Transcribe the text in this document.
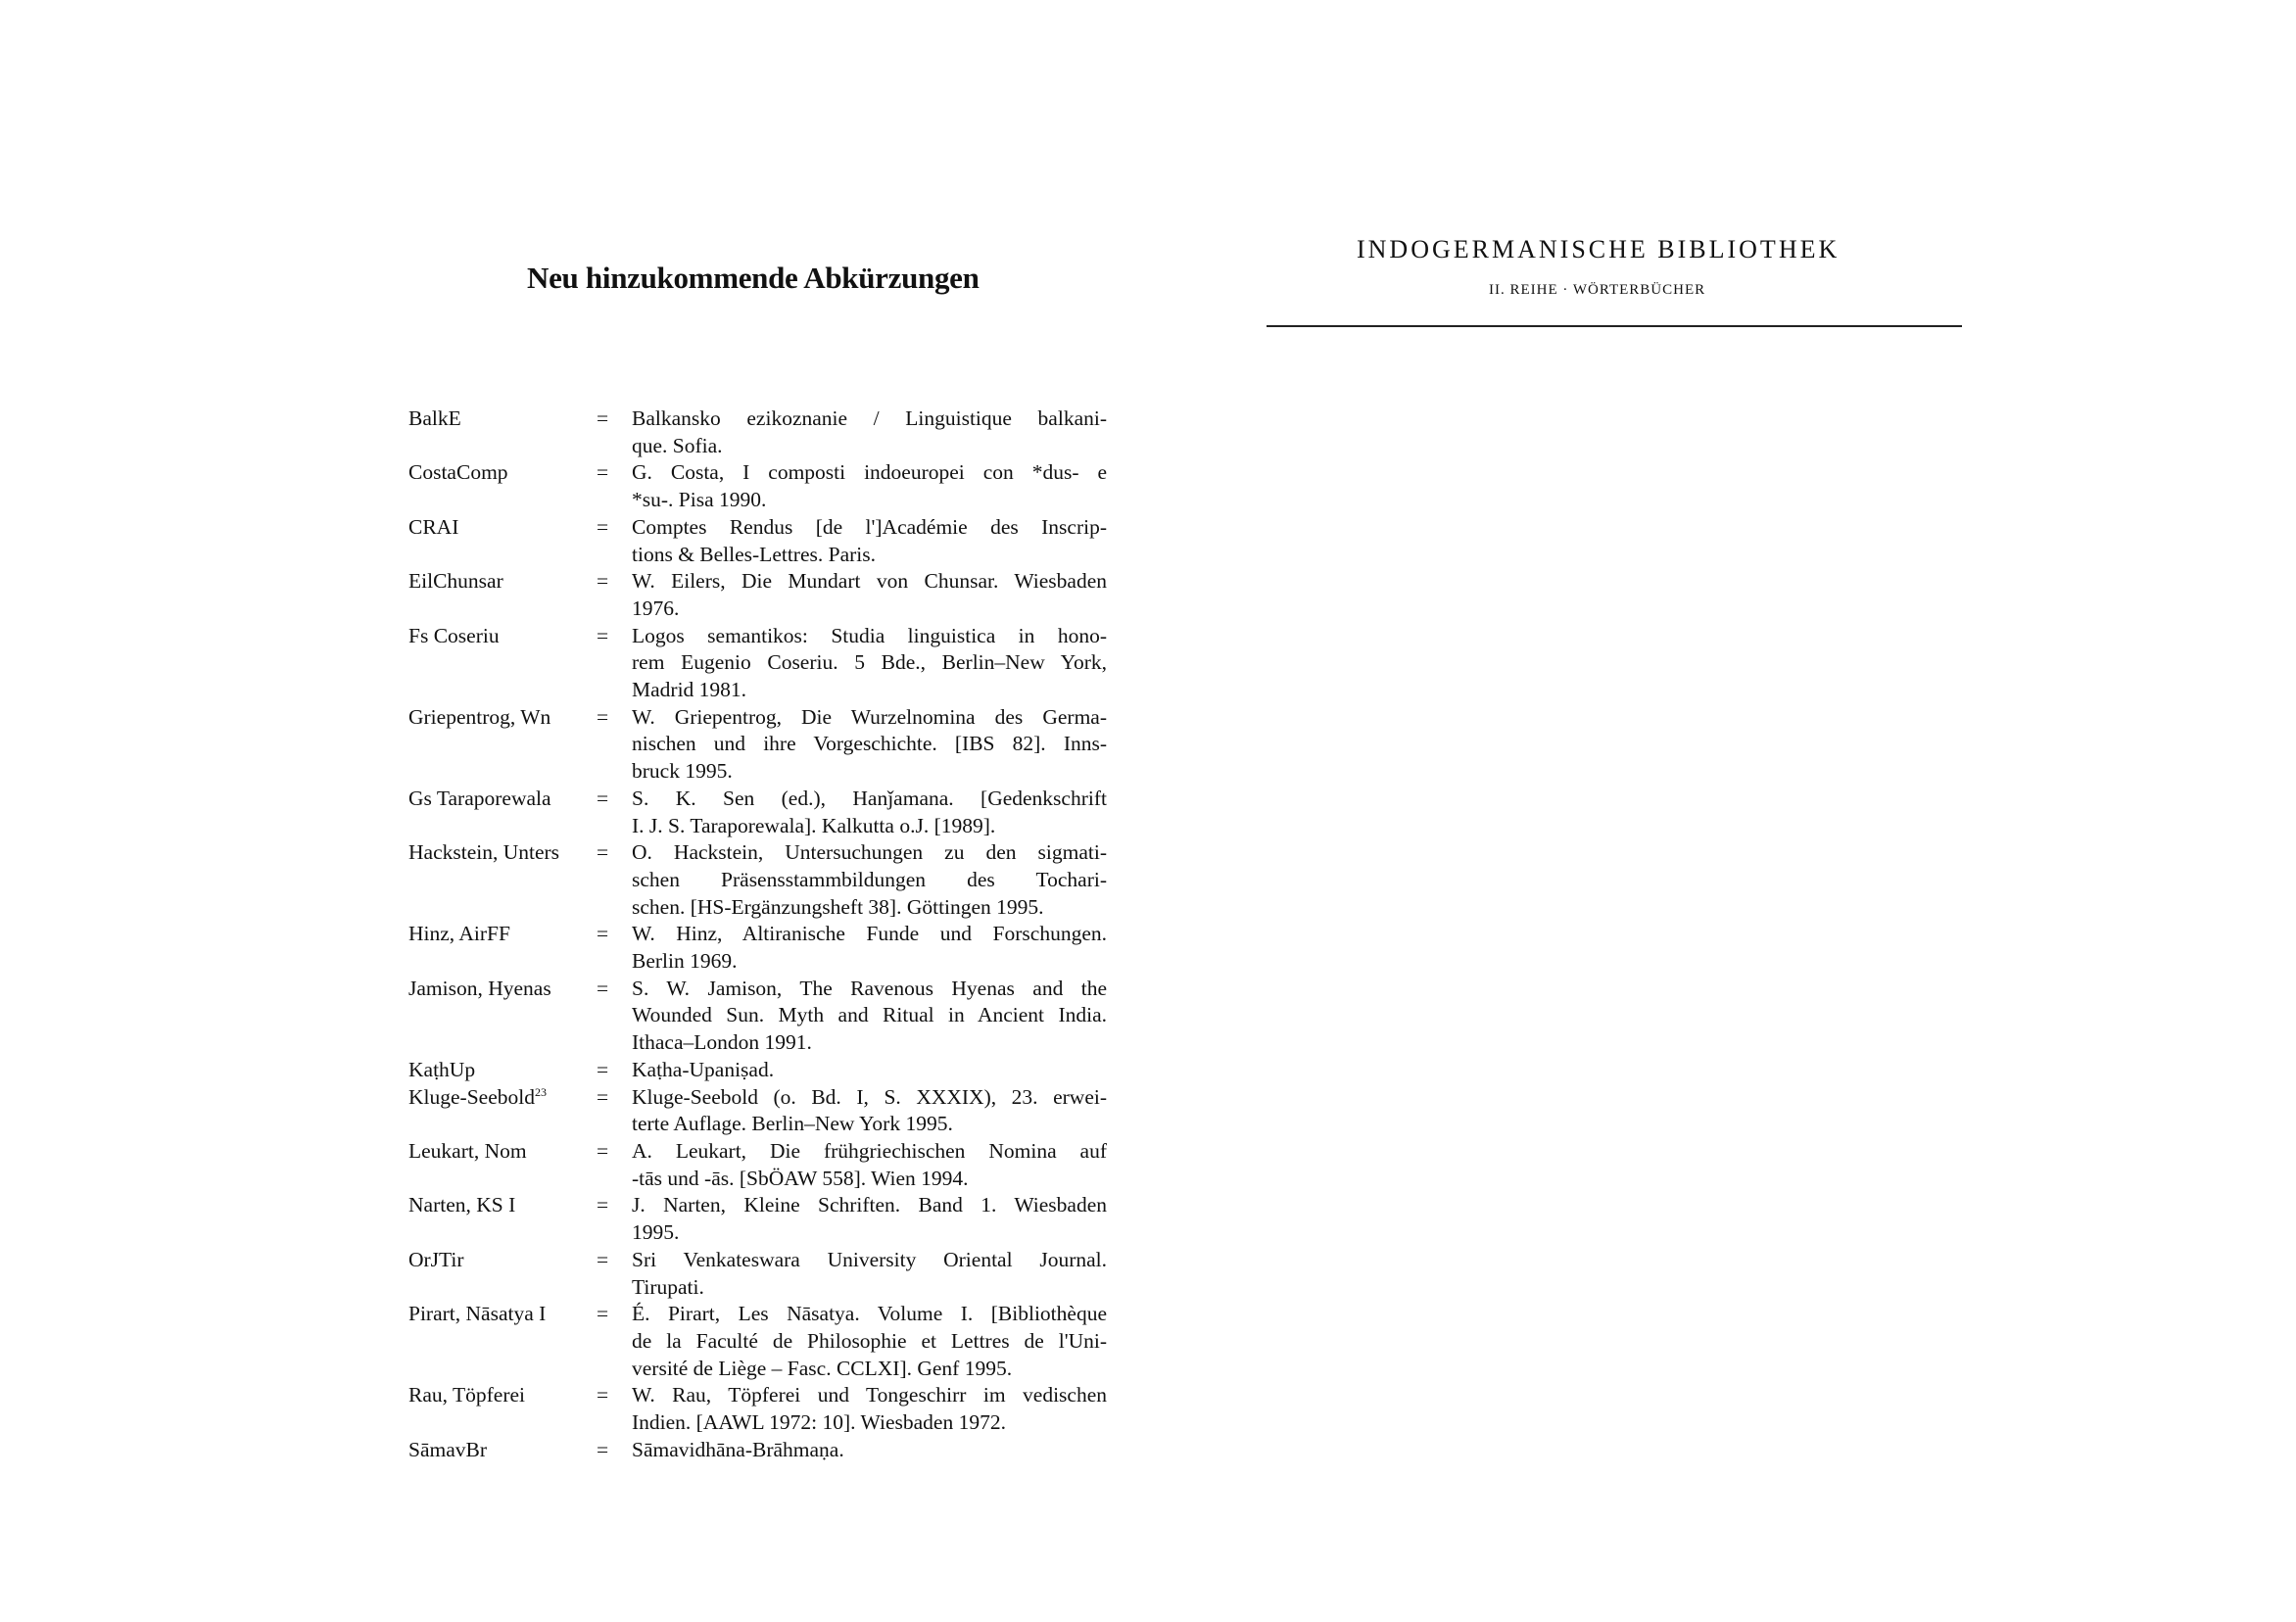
Neu hinzukommende Abkürzungen
INDOGERMANISCHE BIBLIOTHEK
II. REIHE · WÖRTERBÜCHER
BalkE	=	Balkansko ezikoznanie / Linguistique balkani-
que. Sofia.
CostaComp	=	G. Costa, I composti indoeuropei con *dus- e
*su-. Pisa 1990.
CRAI	=	Comptes Rendus [de l']Académie des Inscrip-
tions & Belles-Lettres. Paris.
EilChunsar	=	W. Eilers, Die Mundart von Chunsar. Wiesbaden
1976.
Fs Coseriu	=	Logos semantikos: Studia linguistica in hono-
rem Eugenio Coseriu. 5 Bde., Berlin–New York,
Madrid 1981.
Griepentrog, Wn	=	W. Griepentrog, Die Wurzelnomina des Germa-
nischen und ihre Vorgeschichte. [IBS 82]. Inns-
bruck 1995.
Gs Taraporewala	=	S. K. Sen (ed.), Hanǰamana. [Gedenkschrift
I. J. S. Taraporewala]. Kalkutta o.J. [1989].
Hackstein, Unters	=	O. Hackstein, Untersuchungen zu den sigmati-
schen Präsensstammbildungen des Tochari-
schen. [HS-Ergänzungsheft 38]. Göttingen 1995.
Hinz, AirFF	=	W. Hinz, Altiranische Funde und Forschungen.
Berlin 1969.
Jamison, Hyenas	=	S. W. Jamison, The Ravenous Hyenas and the
Wounded Sun. Myth and Ritual in Ancient India.
Ithaca–London 1991.
KaṭhUp	=	Kaṭha-Upaniṣad.
Kluge-Seebold$^{23}$	=	Kluge-Seebold (o. Bd. I, S. XXXIX), 23. erwei-
terte Auflage. Berlin–New York 1995.
Leukart, Nom	=	A. Leukart, Die frühgriechischen Nomina auf
-tās und -ās. [SbÖAW 558]. Wien 1994.
Narten, KS I	=	J. Narten, Kleine Schriften. Band 1. Wiesbaden
1995.
OrJTir	=	Sri Venkateswara University Oriental Journal.
Tirupati.
Pirart, Nāsatya I	=	É. Pirart, Les Nāsatya. Volume I. [Bibliothèque
de la Faculté de Philosophie et Lettres de l'Uni-
versité de Liège – Fasc. CCLXI]. Genf 1995.
Rau, Töpferei	=	W. Rau, Töpferei und Tongeschirr im vedischen
Indien. [AAWL 1972: 10]. Wiesbaden 1972.
SāmavBr	=	Sāmavidhāna-Brāhmaṇa.
